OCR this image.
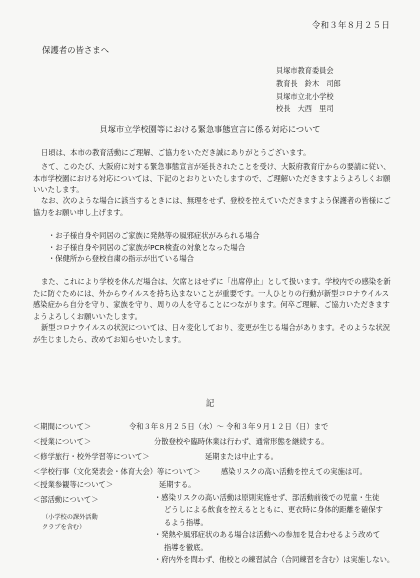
令和３年８月２５日
保護者の皆さまへ
貝塚市教育委員会
教育長　鈴木　司郎
貝塚市立北小学校
校長　大西　里司
貝塚市立学校園等における緊急事態宣言に係る対応について
日頃は、本市の教育活動にご理解、ご協力をいただき誠にありがとうございます。
さて、このたび、大阪府に対する緊急事態宣言が延長されたことを受け、大阪府教育庁からの要請に従い、本市学校園における対応については、下記のとおりといたしますので、ご理解いただきますようよろしくお願いいたします。
なお、次のような場合に該当するときには、無理をせず、登校を控えていただきますよう保護者の皆様にご協力をお願い申し上げます。
・お子様自身や同居のご家族に発熱等の風邪症状がみられる場合
・お子様自身や同居のご家族がPCR検査の対象となった場合
・保健所から登校自粛の指示が出ている場合
また、これにより学校を休んだ場合は、欠席とはせずに「出席停止」として扱います。学校内での感染を新たに防ぐためには、外からウイルスを持ち込まないことが重要です。一人ひとりの行動が新型コロナウイルス感染症から自分を守り、家族を守り、周りの人を守ることにつながります。何卒ご理解、ご協力いただきますようよろしくお願いいたします。
新型コロナウイルスの状況については、日々変化しており、変更が生じる場合があります。そのような状況が生じましたら、改めてお知らせいたします。
記
＜期間について＞	令和３年８月２５日（水）～ 令和３年９月１２日（日）まで
＜授業について＞	分散登校や臨時休業は行わず、通常形態を継続する。
＜修学旅行・校外学習等について＞	延期または中止する。
＜学校行事（文化発表会・体育大会）等について＞	感染リスクの高い活動を控えての実施は可。
＜授業参観等について＞	延期する。
＜部活動について＞
（小学校の課外活動
クラブを含む）
・感染リスクの高い活動は原則実施せず、部活動前後での児童・生徒
どうしによる飲食を控えるとともに、更衣時に身体的距離を確保す
るよう指導。
・発熱や風邪症状のある場合は活動への参加を見合わせるよう改めて
指導を徹底。
・府内外を問わず、他校との練習試合（合同練習を含む）は実施しない。
